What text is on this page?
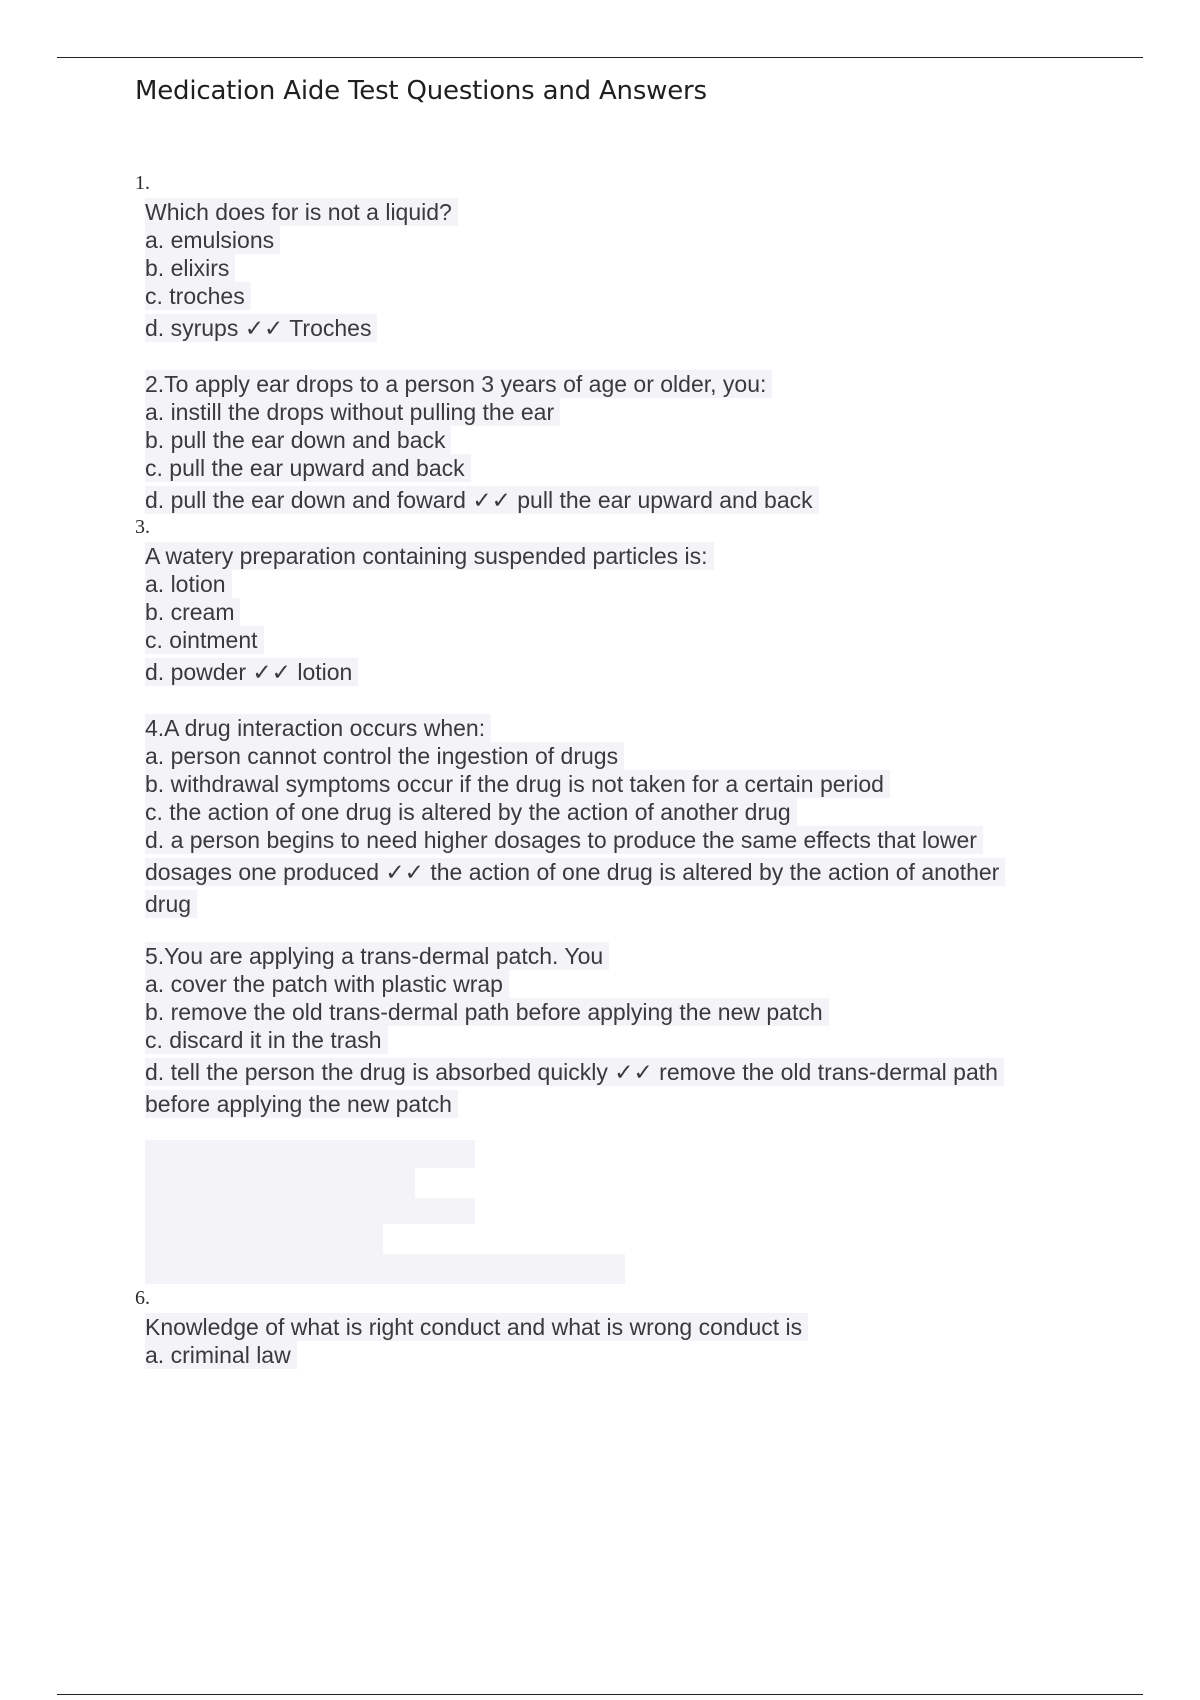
Medication Aide Test Questions and Answers
1.
Which does for is not a liquid?
a. emulsions
b. elixirs
c. troches
d. syrups ✓✓ Troches
2.To apply ear drops to a person 3 years of age or older, you:
a. instill the drops without pulling the ear
b. pull the ear down and back
c. pull the ear upward and back
d. pull the ear down and foward ✓✓ pull the ear upward and back
3.
A watery preparation containing suspended particles is:
a. lotion
b. cream
c. ointment
d. powder ✓✓ lotion
4.A drug interaction occurs when:
a. person cannot control the ingestion of drugs
b. withdrawal symptoms occur if the drug is not taken for a certain period
c. the action of one drug is altered by the action of another drug
d. a person begins to need higher dosages to produce the same effects that lower
dosages one produced ✓✓ the action of one drug is altered by the action of another
drug
5.You are applying a trans-dermal patch. You
a. cover the patch with plastic wrap
b. remove the old trans-dermal path before applying the new patch
c. discard it in the trash
d. tell the person the drug is absorbed quickly ✓✓ remove the old trans-dermal path
before applying the new patch
6.
Knowledge of what is right conduct and what is wrong conduct is
a. criminal law
